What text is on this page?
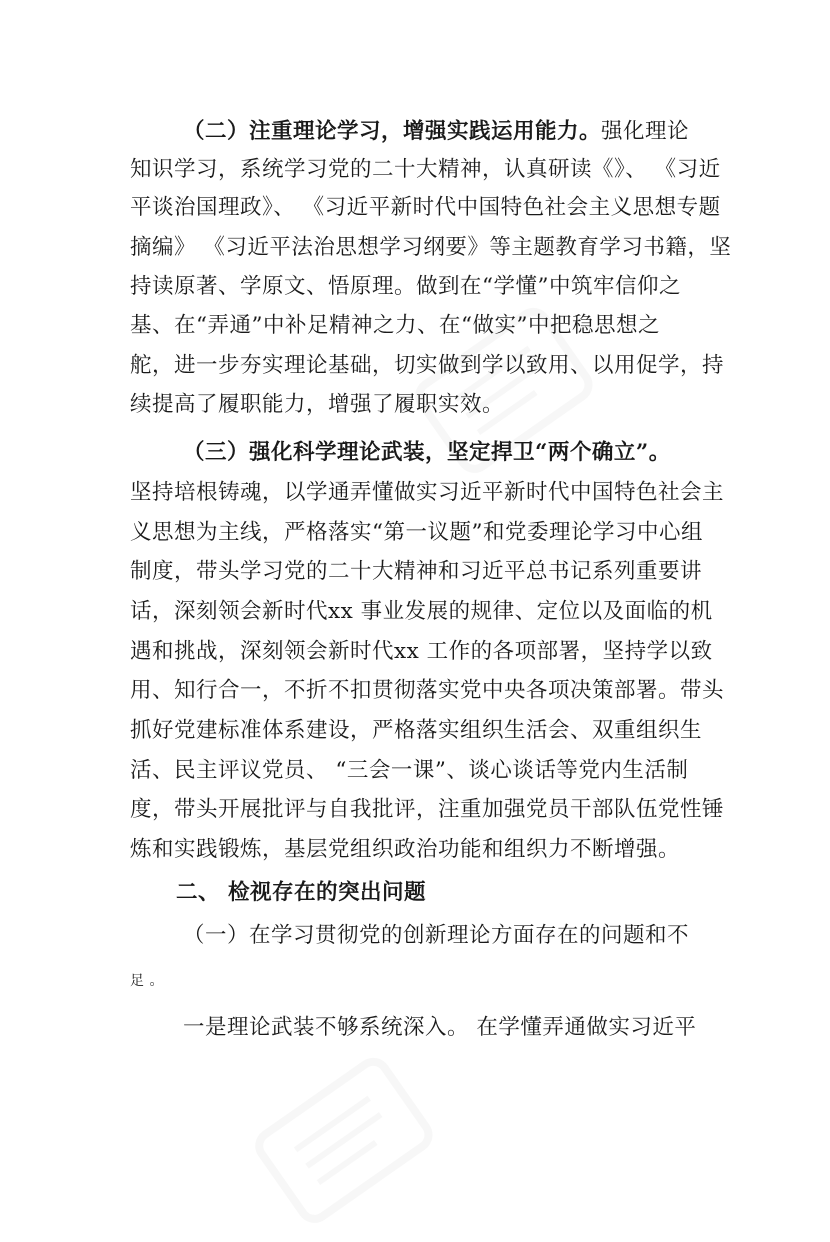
（二）注重理论学习，增强实践运用能力。强化理论
知识学习，系统学习党的二十大精神，认真研读《》、 《习近
平谈治国理政》、 《习近平新时代中国特色社会主义思想专题
摘编》 《习近平法治思想学习纲要》等主题教育学习书籍，坚
持读原著、学原文、悟原理。做到在“学懂”中筑牢信仰之
基、在“弄通”中补足精神之力、在“做实”中把稳思想之
舵，进一步夯实理论基础，切实做到学以致用、以用促学，持
续提高了履职能力，增强了履职实效。
（三）强化科学理论武装，坚定捍卫“两个确立”。
坚持培根铸魂，以学通弄懂做实习近平新时代中国特色社会主
义思想为主线，严格落实“第一议题”和党委理论学习中心组
制度，带头学习党的二十大精神和习近平总书记系列重要讲
话，深刻领会新时代xx 事业发展的规律、定位以及面临的机
遇和挑战，深刻领会新时代xx 工作的各项部署，坚持学以致
用、知行合一，不折不扣贯彻落实党中央各项决策部署。带头
抓好党建标准体系建设，严格落实组织生活会、双重组织生
活、民主评议党员、 “三会一课”、谈心谈话等党内生活制
度，带头开展批评与自我批评，注重加强党员干部队伍党性锤
炼和实践锻炼，基层党组织政治功能和组织力不断增强。
二、 检视存在的突出问题
（一）在学习贯彻党的创新理论方面存在的问题和不
足 。
一是理论武装不够系统深入。 在学懂弄通做实习近平
